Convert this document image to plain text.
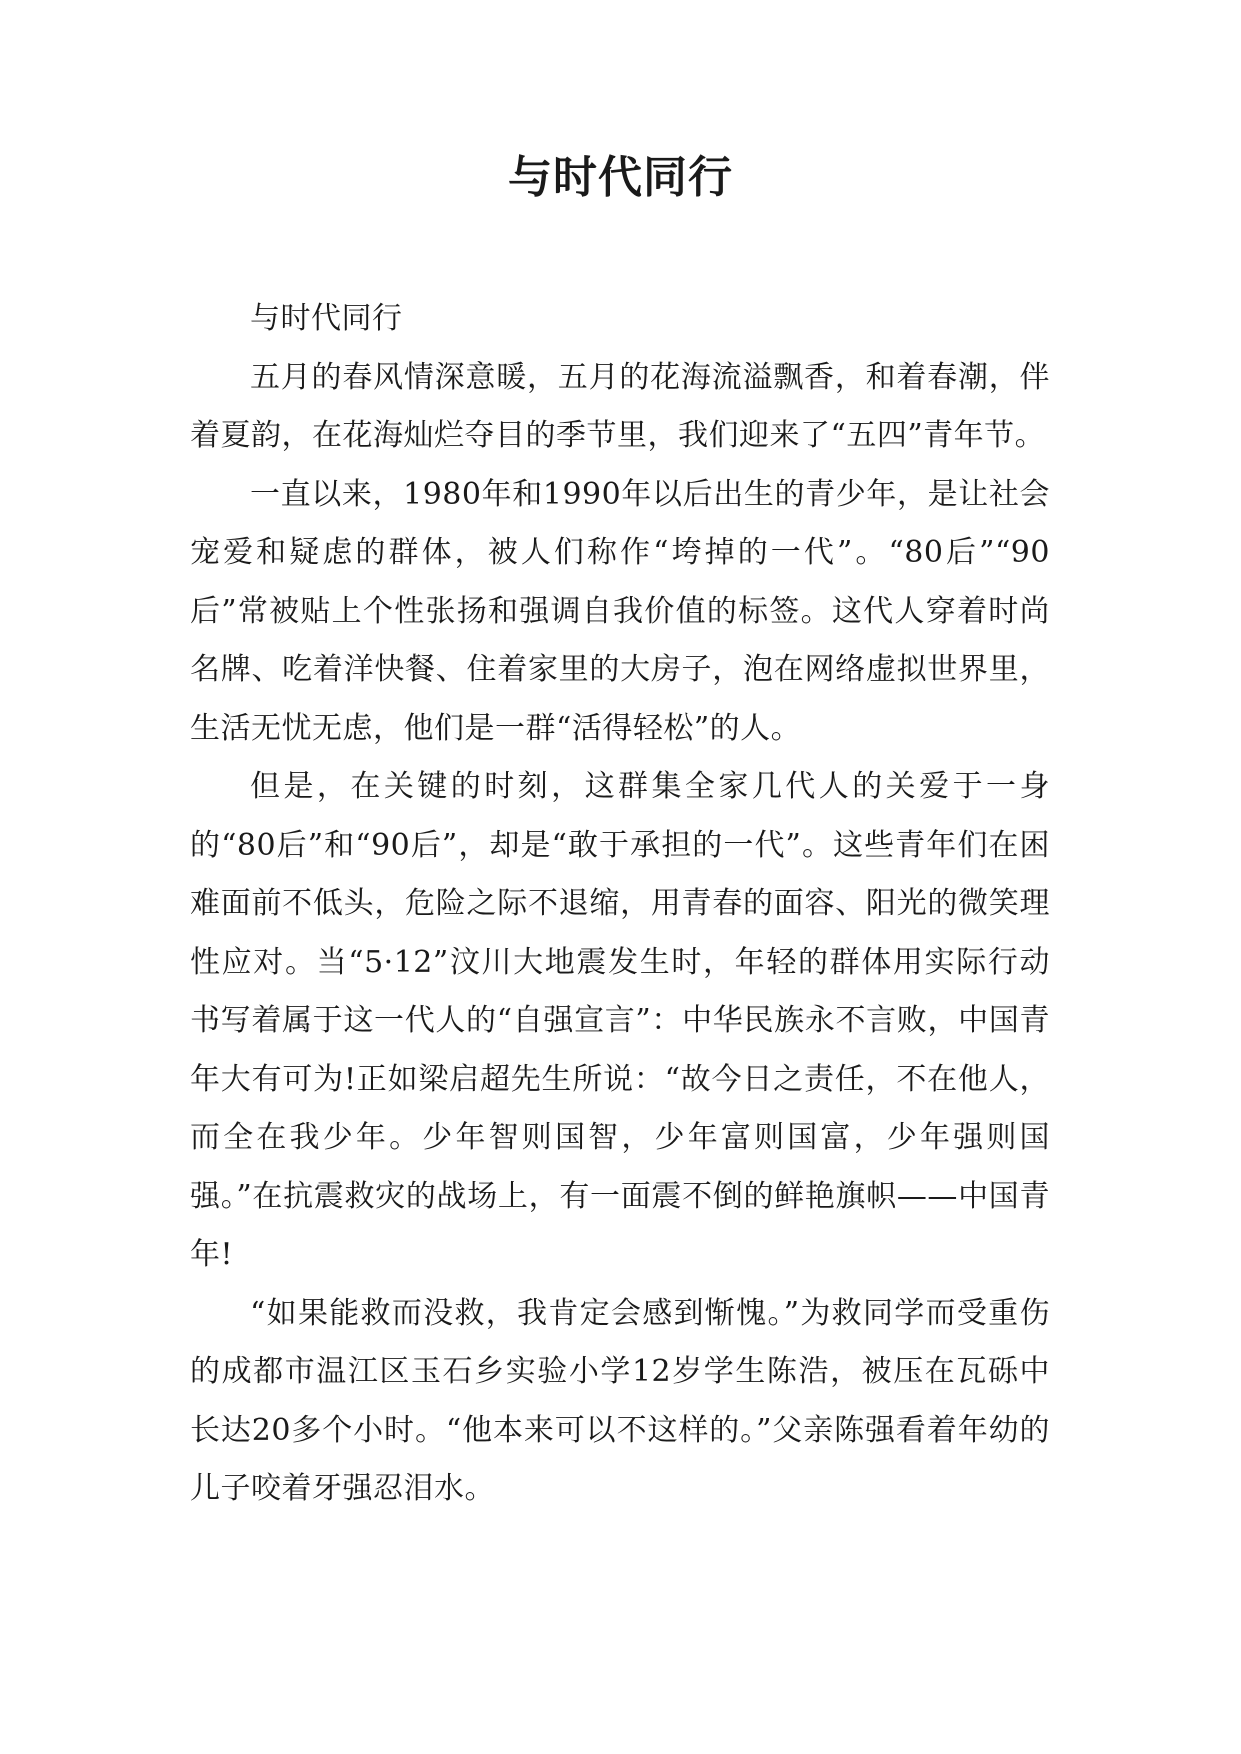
与时代同行

与时代同行

五月的春风情深意暖，五月的花海流溢飘香，和着春潮，伴着夏韵，在花海灿烂夺目的季节里，我们迎来了“五四”青年节。

一直以来，1980年和1990年以后出生的青少年，是让社会宠爱和疑虑的群体，被人们称作“垮掉的一代”。“80后”“90后”常被贴上个性张扬和强调自我价值的标签。这代人穿着时尚名牌、吃着洋快餐、住着家里的大房子，泡在网络虚拟世界里，生活无忧无虑，他们是一群“活得轻松”的人。

但是，在关键的时刻，这群集全家几代人的关爱于一身的“80后”和“90后”，却是“敢于承担的一代”。这些青年们在困难面前不低头，危险之际不退缩，用青春的面容、阳光的微笑理性应对。当“5·12”汶川大地震发生时，年轻的群体用实际行动书写着属于这一代人的“自强宣言”：中华民族永不言败，中国青年大有可为!正如梁启超先生所说：“故今日之责任，不在他人，而全在我少年。少年智则国智，少年富则国富，少年强则国强。”在抗震救灾的战场上，有一面震不倒的鲜艳旗帜——中国青年!

“如果能救而没救，我肯定会感到惭愧。”为救同学而受重伤的成都市温江区玉石乡实验小学12岁学生陈浩，被压在瓦砾中长达20多个小时。“他本来可以不这样的。”父亲陈强看着年幼的儿子咬着牙强忍泪水。
